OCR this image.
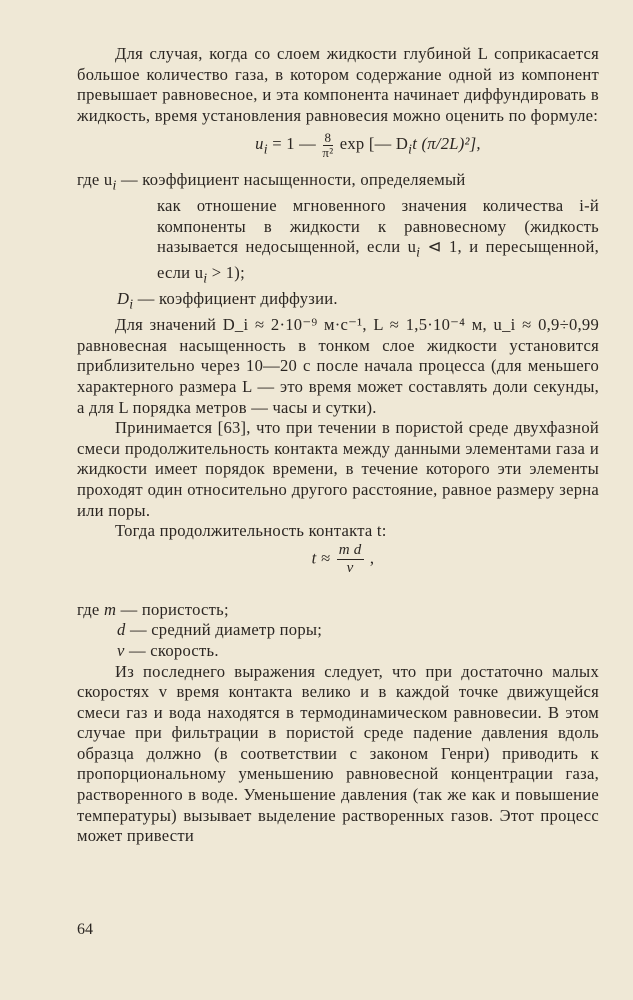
Для случая, когда со слоем жидкости глубиной L соприкасается большое количество газа, в котором содержание одной из компонент превышает равновесное, и эта компонента начинает диффундировать в жидкость, время установления равновесия можно оценить по формуле:

$u_i = 1$ — $\frac{8}{\text{π²}}$ exp [— $D_it$ (π/2L)²],
где $u_i$ — коэффициент насыщенности, определяемый
как отношение мгновенного значения количества i-й компоненты в жидкости к равновесному (жидкость называется недосыщенной, если $u_i$ ⊲ 1, и пересыщенной, если $u_i > 1$);
$D_i$ — коэффициент диффузии.

Для значений D_i ≈ 2·10⁻⁹ м·с⁻¹, L ≈ 1,5·10⁻⁴ м, u_i ≈ 0,9÷0,99 равновесная насыщенность в тонком слое жидкости установится приблизительно через 10—20 с после начала процесса (для меньшего характерного размера L — это время может составлять доли секунды, а для L порядка метров — часы и сутки).

Принимается [63], что при течении в пористой среде двухфазной смеси продолжительность контакта между данными элементами газа и жидкости имеет порядок времени, в течение которого эти элементы проходят один относительно другого расстояние, равное размеру зерна или поры.

Тогда продолжительность контакта t:

$t \approx \frac{\text{m d}}{v}$ ,
где m — пористость;
d — средний диаметр поры;
v — скорость.

Из последнего выражения следует, что при достаточно малых скоростях v время контакта велико и в каждой точке движущейся смеси газ и вода находятся в термодинамическом равновесии. В этом случае при фильтрации в пористой среде падение давления вдоль образца должно (в соответствии с законом Генри) приводить к пропорциональному уменьшению равновесной концентрации газа, растворенного в воде. Уменьшение давления (так же как и повышение температуры) вызывает выделение растворенных газов. Этот процесс может привести

64
